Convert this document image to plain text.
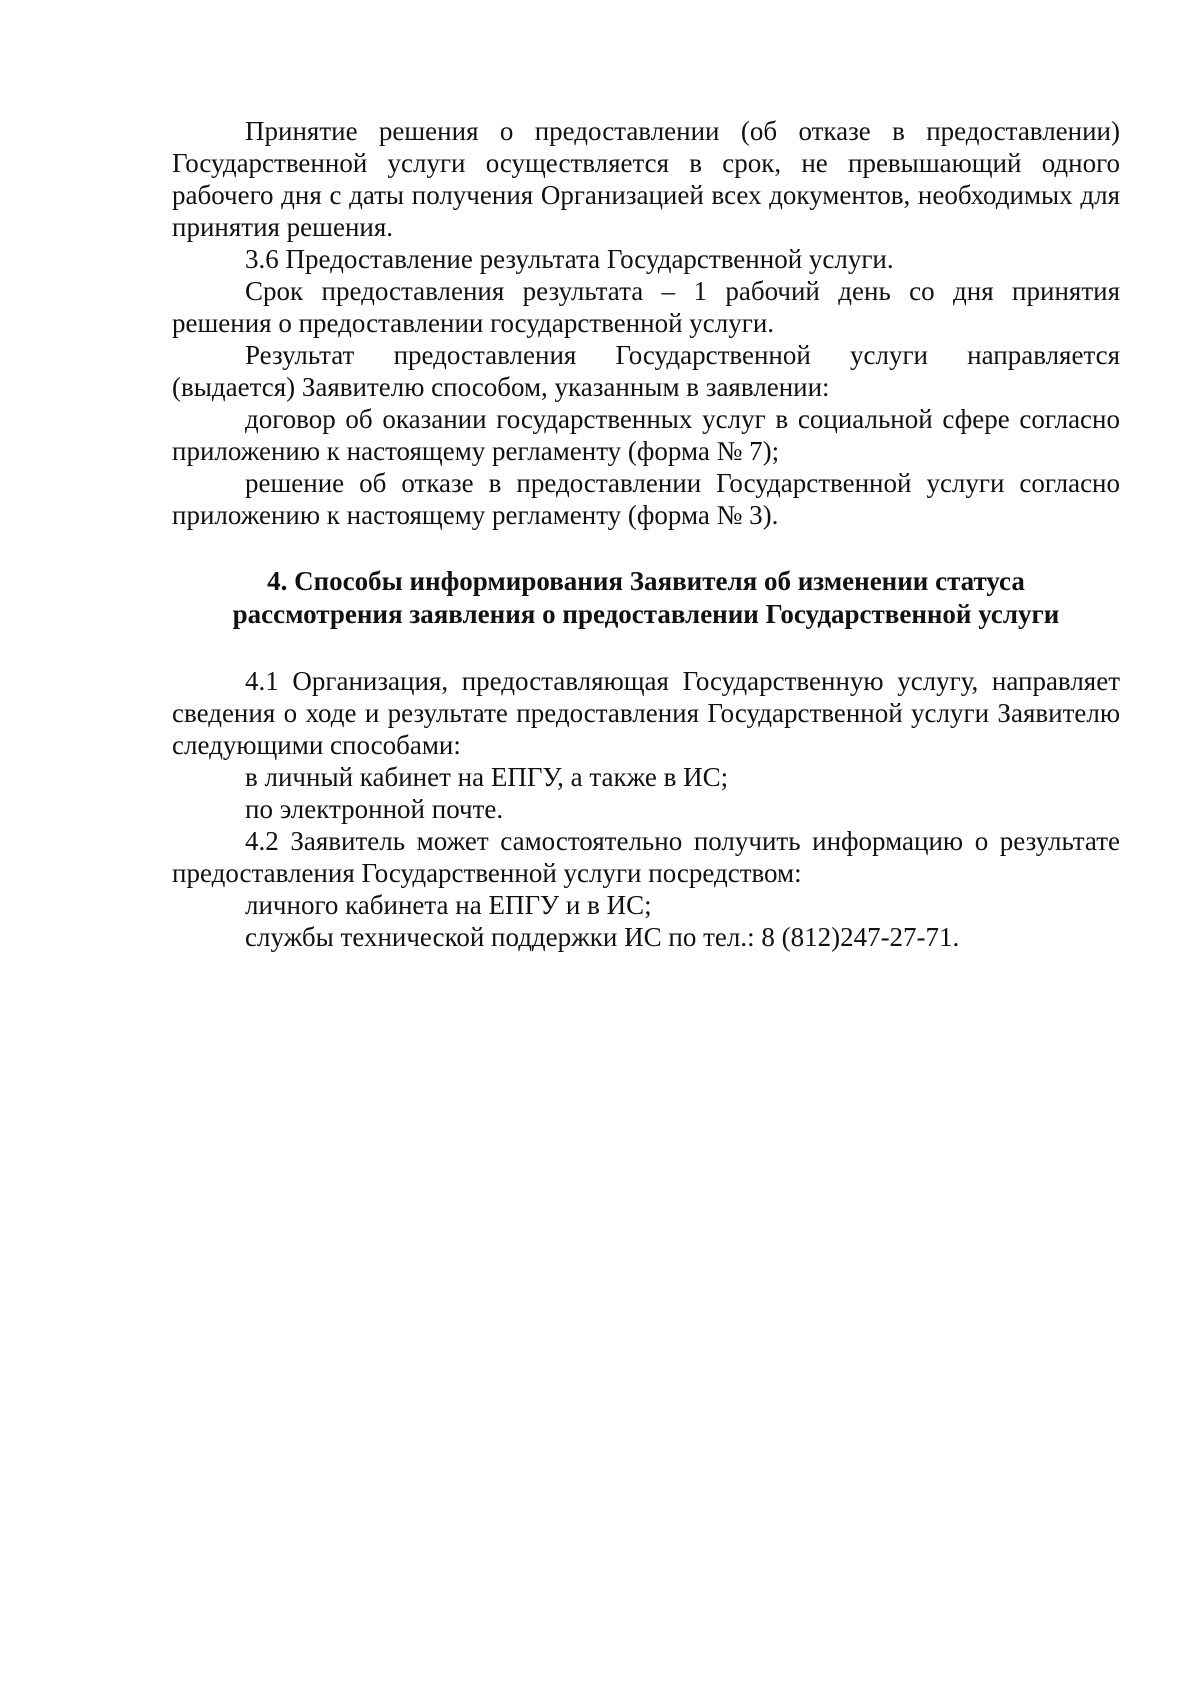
Принятие решения о предоставлении (об отказе в предоставлении) Государственной услуги осуществляется в срок, не превышающий одного рабочего дня с даты получения Организацией всех документов, необходимых для принятия решения.

3.6 Предоставление результата Государственной услуги.

Срок предоставления результата – 1 рабочий день со дня принятия решения о предоставлении государственной услуги.

Результат предоставления Государственной услуги направляется (выдается) Заявителю способом, указанным в заявлении:

договор об оказании государственных услуг в социальной сфере согласно приложению к настоящему регламенту (форма № 7);

решение об отказе в предоставлении Государственной услуги согласно приложению к настоящему регламенту (форма № 3).

4. Способы информирования Заявителя об изменении статуса
рассмотрения заявления о предоставлении Государственной услуги

4.1 Организация, предоставляющая Государственную услугу, направляет сведения о ходе и результате предоставления Государственной услуги Заявителю следующими способами:

в личный кабинет на ЕПГУ, а также в ИС;

по электронной почте.

4.2 Заявитель может самостоятельно получить информацию о результате предоставления Государственной услуги посредством:

личного кабинета на ЕПГУ и в ИС;

службы технической поддержки ИС по тел.: 8 (812)247-27-71.
